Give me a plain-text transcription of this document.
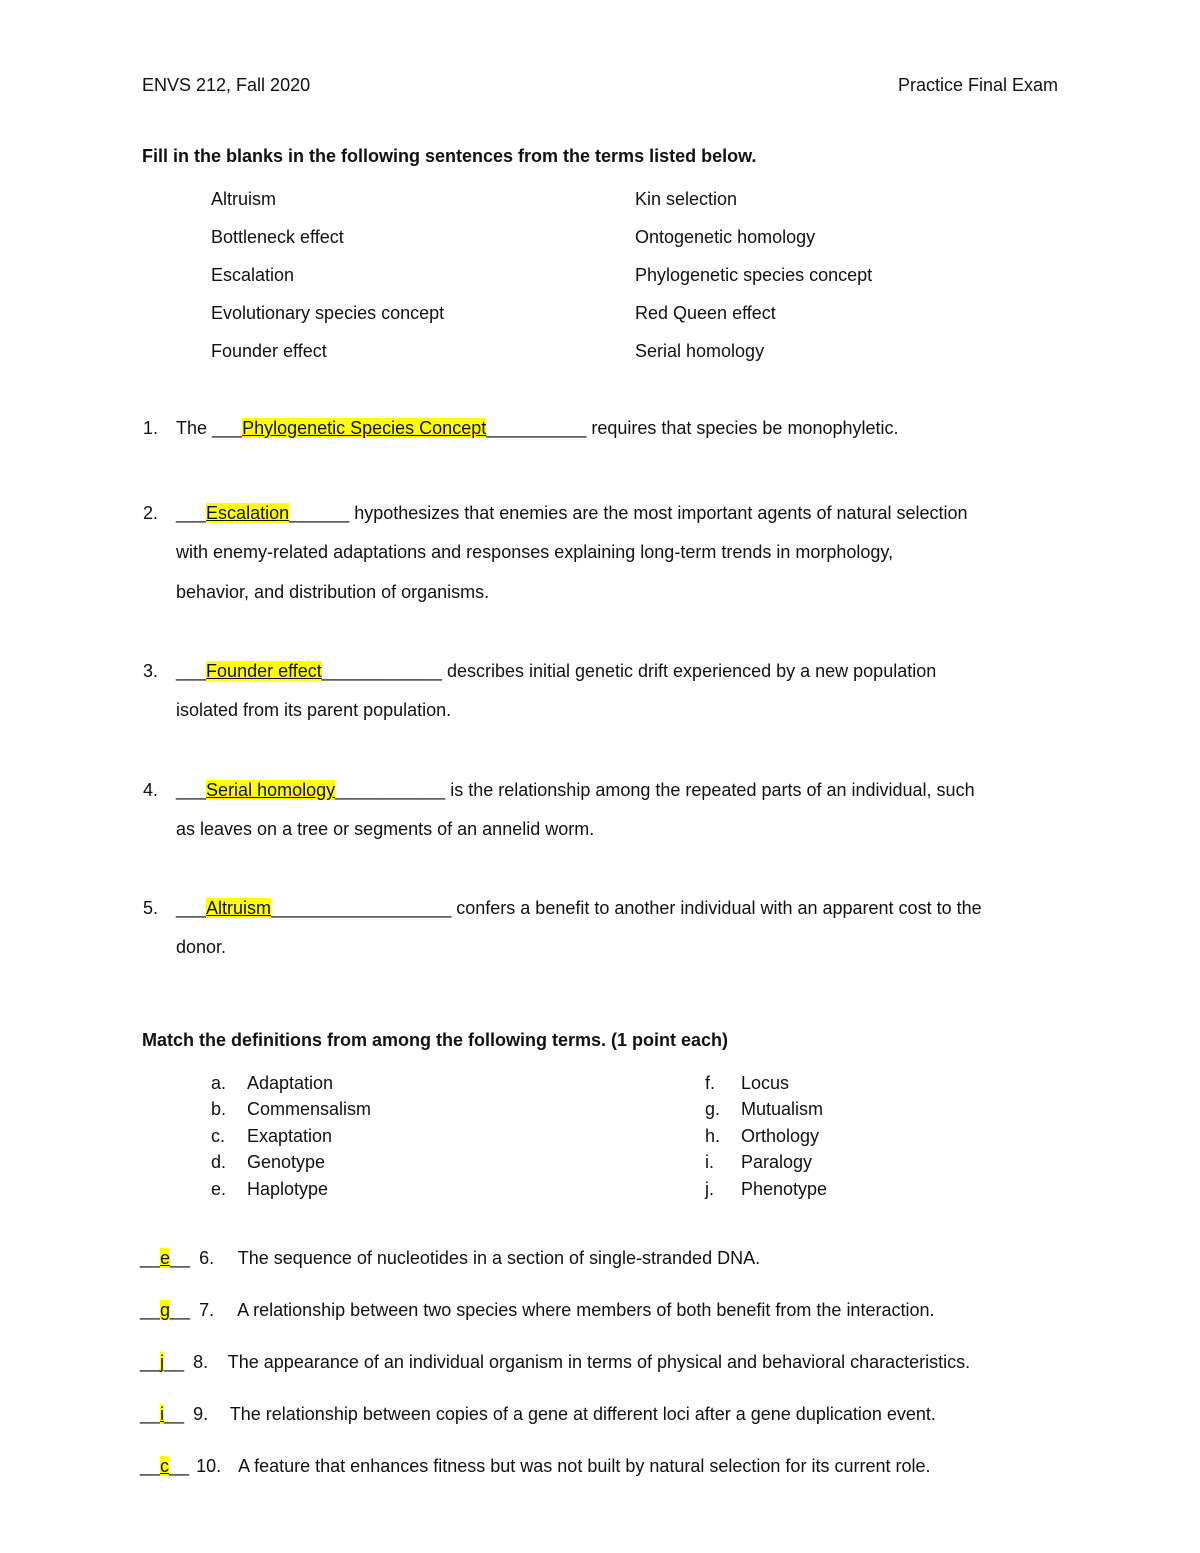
ENVS 212, Fall 2020	Practice Final Exam
Fill in the blanks in the following sentences from the terms listed below.
Altruism
Bottleneck effect
Escalation
Evolutionary species concept
Founder effect
Kin selection
Ontogenetic homology
Phylogenetic species concept
Red Queen effect
Serial homology
1. The ___Phylogenetic Species Concept__________ requires that species be monophyletic.
2. ___Escalation______ hypothesizes that enemies are the most important agents of natural selection
with enemy-related adaptations and responses explaining long-term trends in morphology,
behavior, and distribution of organisms.
3. ___Founder effect____________ describes initial genetic drift experienced by a new population
isolated from its parent population.
4. ___Serial homology___________ is the relationship among the repeated parts of an individual, such
as leaves on a tree or segments of an annelid worm.
5. ___Altruism__________________ confers a benefit to another individual with an apparent cost to the
donor.
Match the definitions from among the following terms. (1 point each)
a. Adaptation
b. Commensalism
c. Exaptation
d. Genotype
e. Haplotype
f. Locus
g. Mutualism
h. Orthology
i. Paralogy
j. Phenotype
__e__ 6. The sequence of nucleotides in a section of single-stranded DNA.
__g__ 7. A relationship between two species where members of both benefit from the interaction.
__j__ 8. The appearance of an individual organism in terms of physical and behavioral characteristics.
__i__ 9. The relationship between copies of a gene at different loci after a gene duplication event.
__c__ 10. A feature that enhances fitness but was not built by natural selection for its current role.
